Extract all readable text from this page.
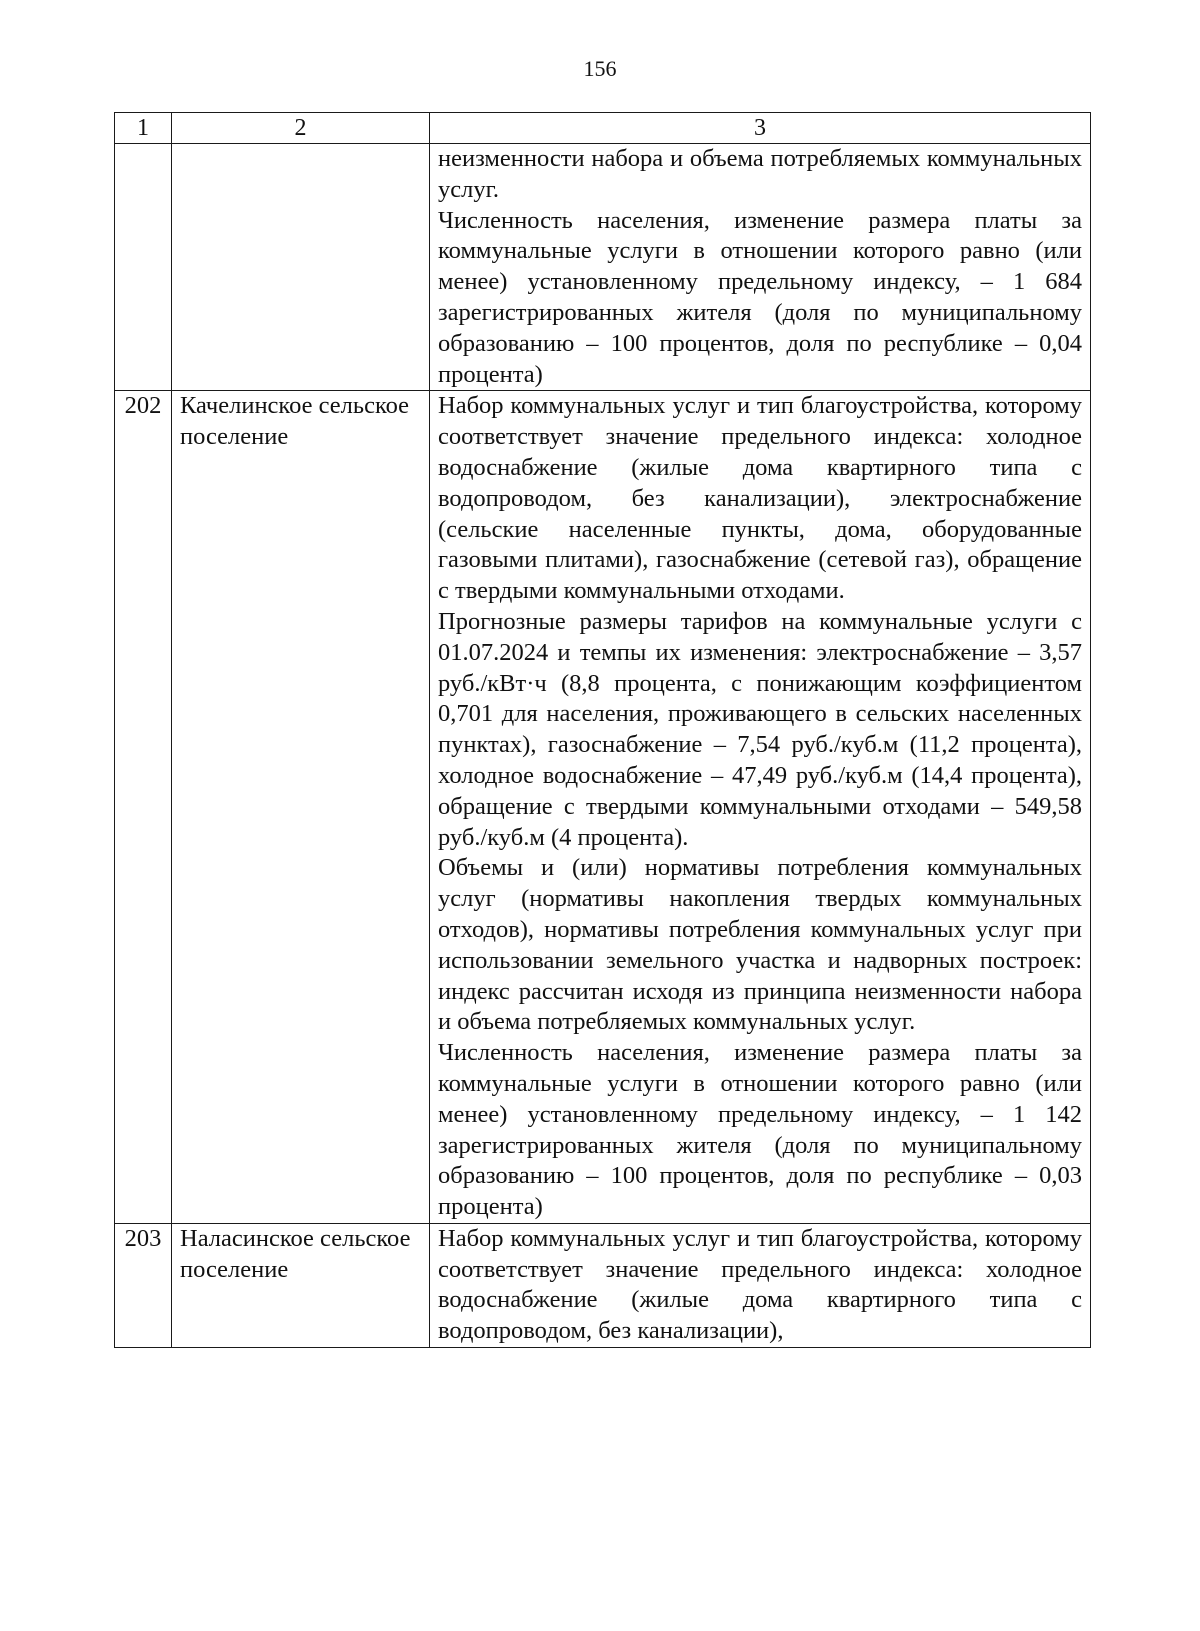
156
1	2	3

		неизменности набора и объема потребляемых коммунальных услуг.

Численность населения, изменение размера платы за коммунальные услуги в отношении которого равно (или менее) установленному предельному индексу, – 1 684 зарегистрированных жителя (доля по муниципальному образованию – 100 процентов, доля по республике – 0,04 процента)

202	Качелинское сельское поселение	Набор коммунальных услуг и тип благоустройства, которому соответствует значение предельного индекса: холодное водоснабжение (жилые дома квартирного типа с водопроводом, без канализации), электроснабжение (сельские населенные пункты, дома, оборудованные газовыми плитами), газоснабжение (сетевой газ), обращение с твердыми коммунальными отходами.

Прогнозные размеры тарифов на коммунальные услуги с 01.07.2024 и темпы их изменения: электроснабжение – 3,57 руб./кВт·ч (8,8 процента, с понижающим коэффициентом 0,701 для населения, проживающего в сельских населенных пунктах), газоснабжение – 7,54 руб./куб.м (11,2 процента), холодное водоснабжение – 47,49 руб./куб.м (14,4 процента), обращение с твердыми коммунальными отходами – 549,58 руб./куб.м (4 процента).

Объемы и (или) нормативы потребления коммунальных услуг (нормативы накопления твердых коммунальных отходов), нормативы потребления коммунальных услуг при использовании земельного участка и надворных построек: индекс рассчитан исходя из принципа неизменности набора и объема потребляемых коммунальных услуг.

Численность населения, изменение размера платы за коммунальные услуги в отношении которого равно (или менее) установленному предельному индексу, – 1 142 зарегистрированных жителя (доля по муниципальному образованию – 100 процентов, доля по республике – 0,03 процента)

203	Наласинское сельское поселение	Набор коммунальных услуг и тип благоустройства, которому соответствует значение предельного индекса: холодное водоснабжение (жилые дома квартирного типа с водопроводом, без канализации),
